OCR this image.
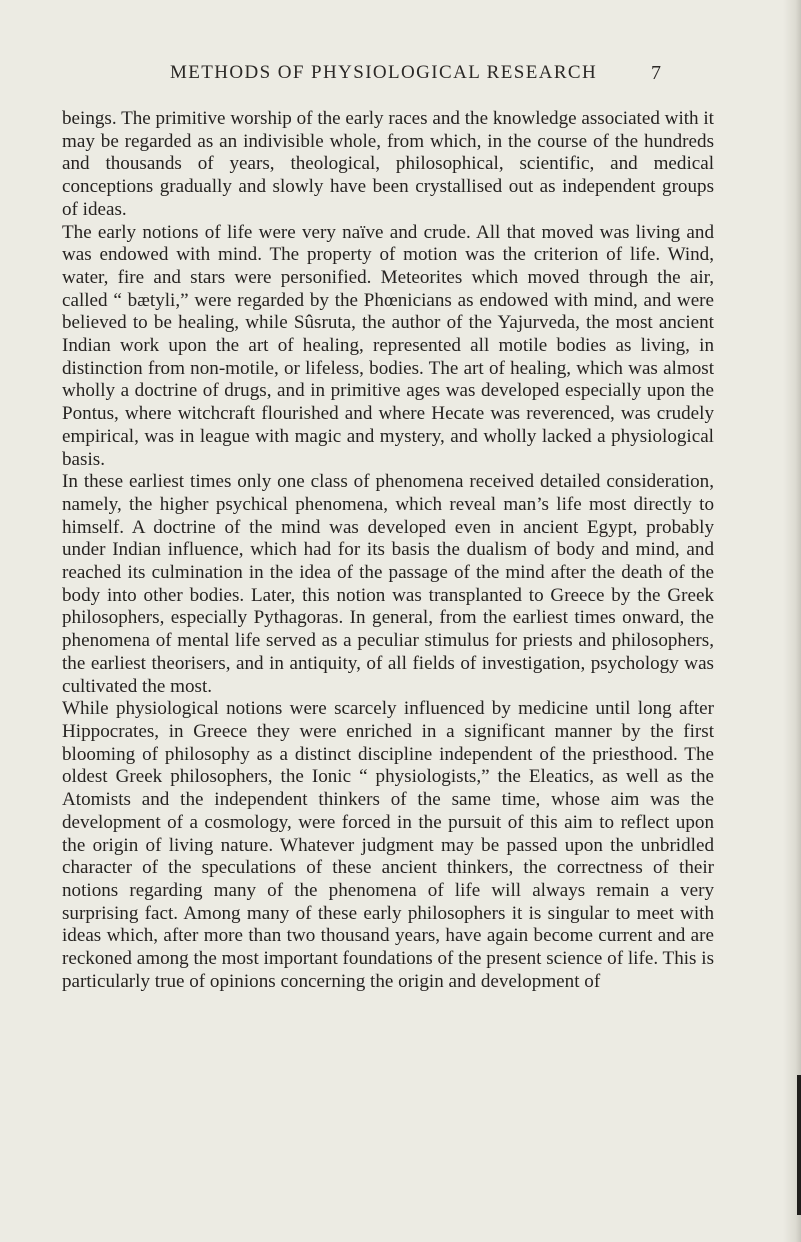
METHODS OF PHYSIOLOGICAL RESEARCH	7

beings. The primitive worship of the early races and the knowledge associated with it may be regarded as an indivisible whole, from which, in the course of the hundreds and thousands of years, theological, philosophical, scientific, and medical conceptions gradually and slowly have been crystallised out as independent groups of ideas.

The early notions of life were very naïve and crude. All that moved was living and was endowed with mind. The property of motion was the criterion of life. Wind, water, fire and stars were personified. Meteorites which moved through the air, called “ bætyli,” were regarded by the Phœnicians as endowed with mind, and were believed to be healing, while Sûsruta, the author of the Yajurveda, the most ancient Indian work upon the art of healing, represented all motile bodies as living, in distinction from non-motile, or lifeless, bodies. The art of healing, which was almost wholly a doctrine of drugs, and in primitive ages was developed especially upon the Pontus, where witchcraft flourished and where Hecate was reverenced, was crudely empirical, was in league with magic and mystery, and wholly lacked a physiological basis.

In these earliest times only one class of phenomena received detailed consideration, namely, the higher psychical phenomena, which reveal man’s life most directly to himself. A doctrine of the mind was developed even in ancient Egypt, probably under Indian influence, which had for its basis the dualism of body and mind, and reached its culmination in the idea of the passage of the mind after the death of the body into other bodies. Later, this notion was transplanted to Greece by the Greek philosophers, especially Pythagoras. In general, from the earliest times onward, the phenomena of mental life served as a peculiar stimulus for priests and philosophers, the earliest theorisers, and in antiquity, of all fields of investigation, psychology was cultivated the most.

While physiological notions were scarcely influenced by medicine until long after Hippocrates, in Greece they were enriched in a significant manner by the first blooming of philosophy as a distinct discipline independent of the priesthood. The oldest Greek philosophers, the Ionic “ physiologists,” the Eleatics, as well as the Atomists and the independent thinkers of the same time, whose aim was the development of a cosmology, were forced in the pursuit of this aim to reflect upon the origin of living nature. Whatever judgment may be passed upon the unbridled character of the speculations of these ancient thinkers, the correctness of their notions regarding many of the phenomena of life will always remain a very surprising fact. Among many of these early philosophers it is singular to meet with ideas which, after more than two thousand years, have again become current and are reckoned among the most important foundations of the present science of life. This is particularly true of opinions concerning the origin and development of
